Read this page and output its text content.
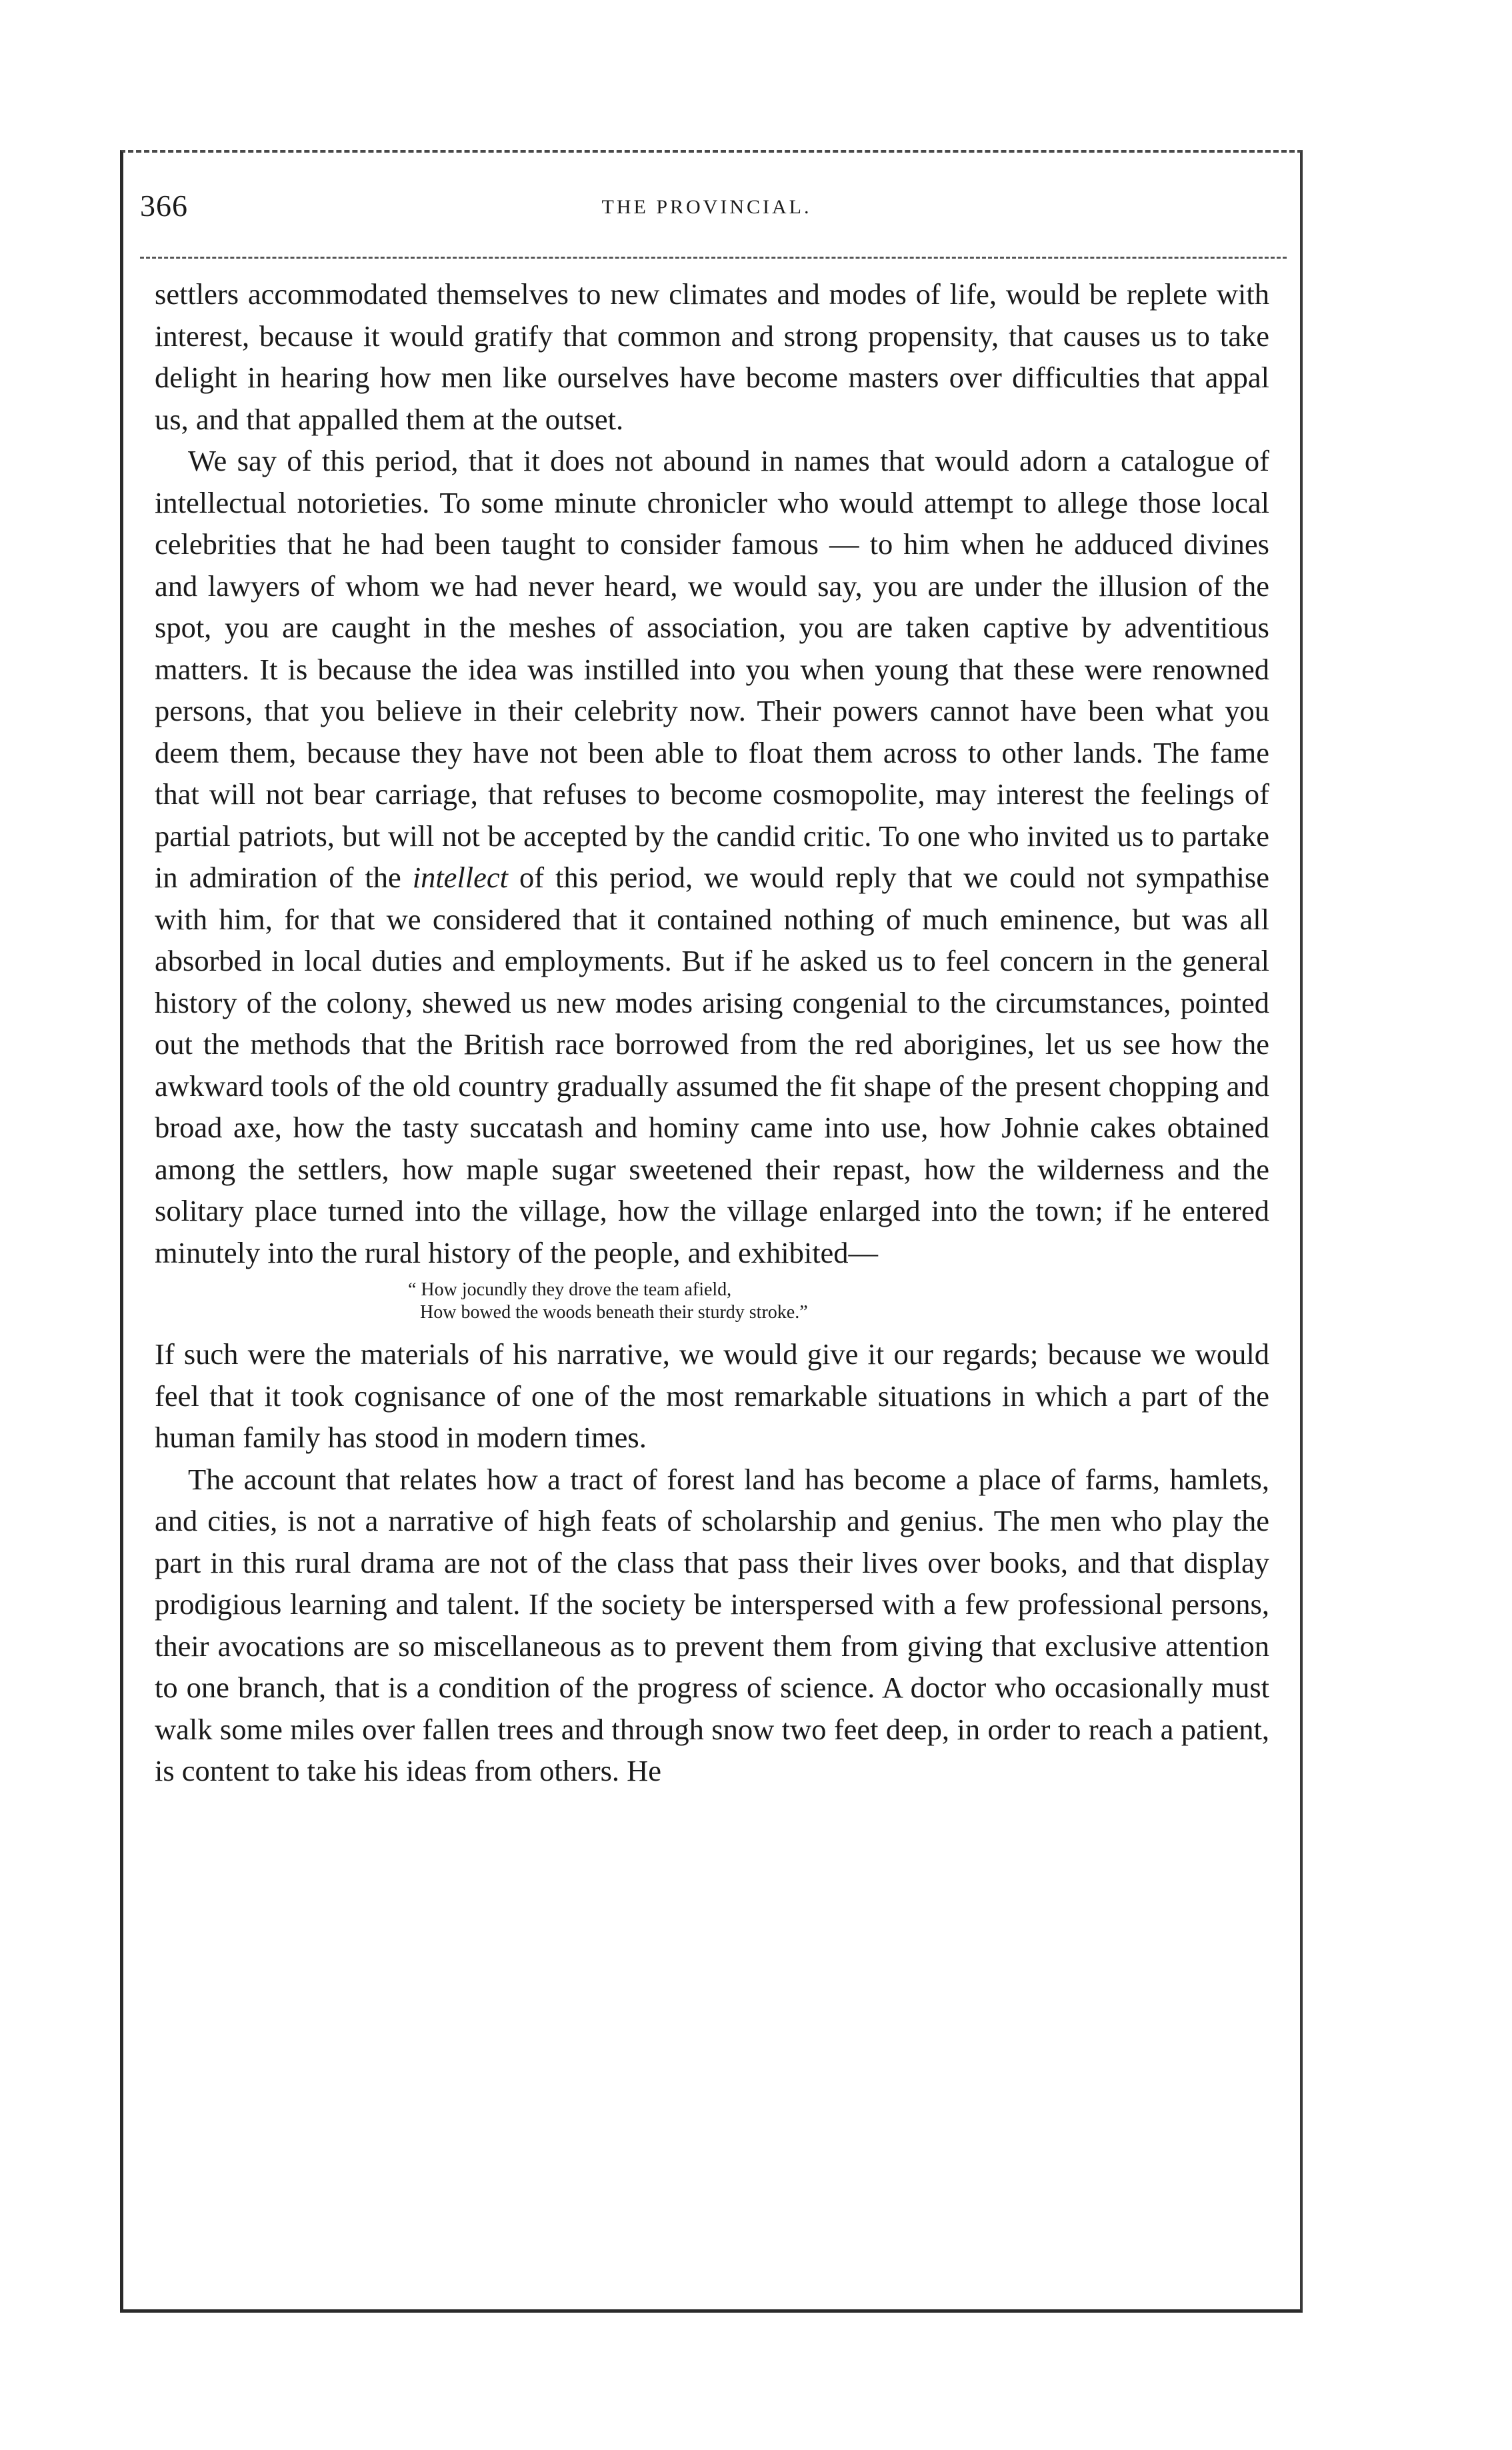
366	THE PROVINCIAL.

settlers accommodated themselves to new climates and modes of life, would be replete with interest, because it would gratify that common and strong propensity, that causes us to take delight in hearing how men like ourselves have become masters over difficulties that appal us, and that appalled them at the outset.

We say of this period, that it does not abound in names that would adorn a catalogue of intellectual notorieties. To some minute chronicler who would attempt to allege those local celebrities that he had been taught to consider famous — to him when he adduced divines and lawyers of whom we had never heard, we would say, you are under the illusion of the spot, you are caught in the meshes of association, you are taken captive by adventitious matters. It is because the idea was instilled into you when young that these were renowned persons, that you believe in their celebrity now. Their powers cannot have been what you deem them, because they have not been able to float them across to other lands. The fame that will not bear carriage, that refuses to become cosmopolite, may interest the feelings of partial patriots, but will not be accepted by the candid critic. To one who invited us to partake in admiration of the intellect of this period, we would reply that we could not sympathise with him, for that we considered that it contained nothing of much eminence, but was all absorbed in local duties and employments. But if he asked us to feel concern in the general history of the colony, shewed us new modes arising congenial to the circumstances, pointed out the methods that the British race borrowed from the red aborigines, let us see how the awkward tools of the old country gradually assumed the fit shape of the present chopping and broad axe, how the tasty succatash and hominy came into use, how Johnie cakes obtained among the settlers, how maple sugar sweetened their repast, how the wilderness and the solitary place turned into the village, how the village enlarged into the town; if he entered minutely into the rural history of the people, and exhibited—

“ How jocundly they drove the team afield,
How bowed the woods beneath their sturdy stroke.”

If such were the materials of his narrative, we would give it our regards; because we would feel that it took cognisance of one of the most remarkable situations in which a part of the human family has stood in modern times.

The account that relates how a tract of forest land has become a place of farms, hamlets, and cities, is not a narrative of high feats of scholarship and genius. The men who play the part in this rural drama are not of the class that pass their lives over books, and that display prodigious learning and talent. If the society be interspersed with a few professional persons, their avocations are so miscellaneous as to prevent them from giving that exclusive attention to one branch, that is a condition of the progress of science. A doctor who occasionally must walk some miles over fallen trees and through snow two feet deep, in order to reach a patient, is content to take his ideas from others. He
